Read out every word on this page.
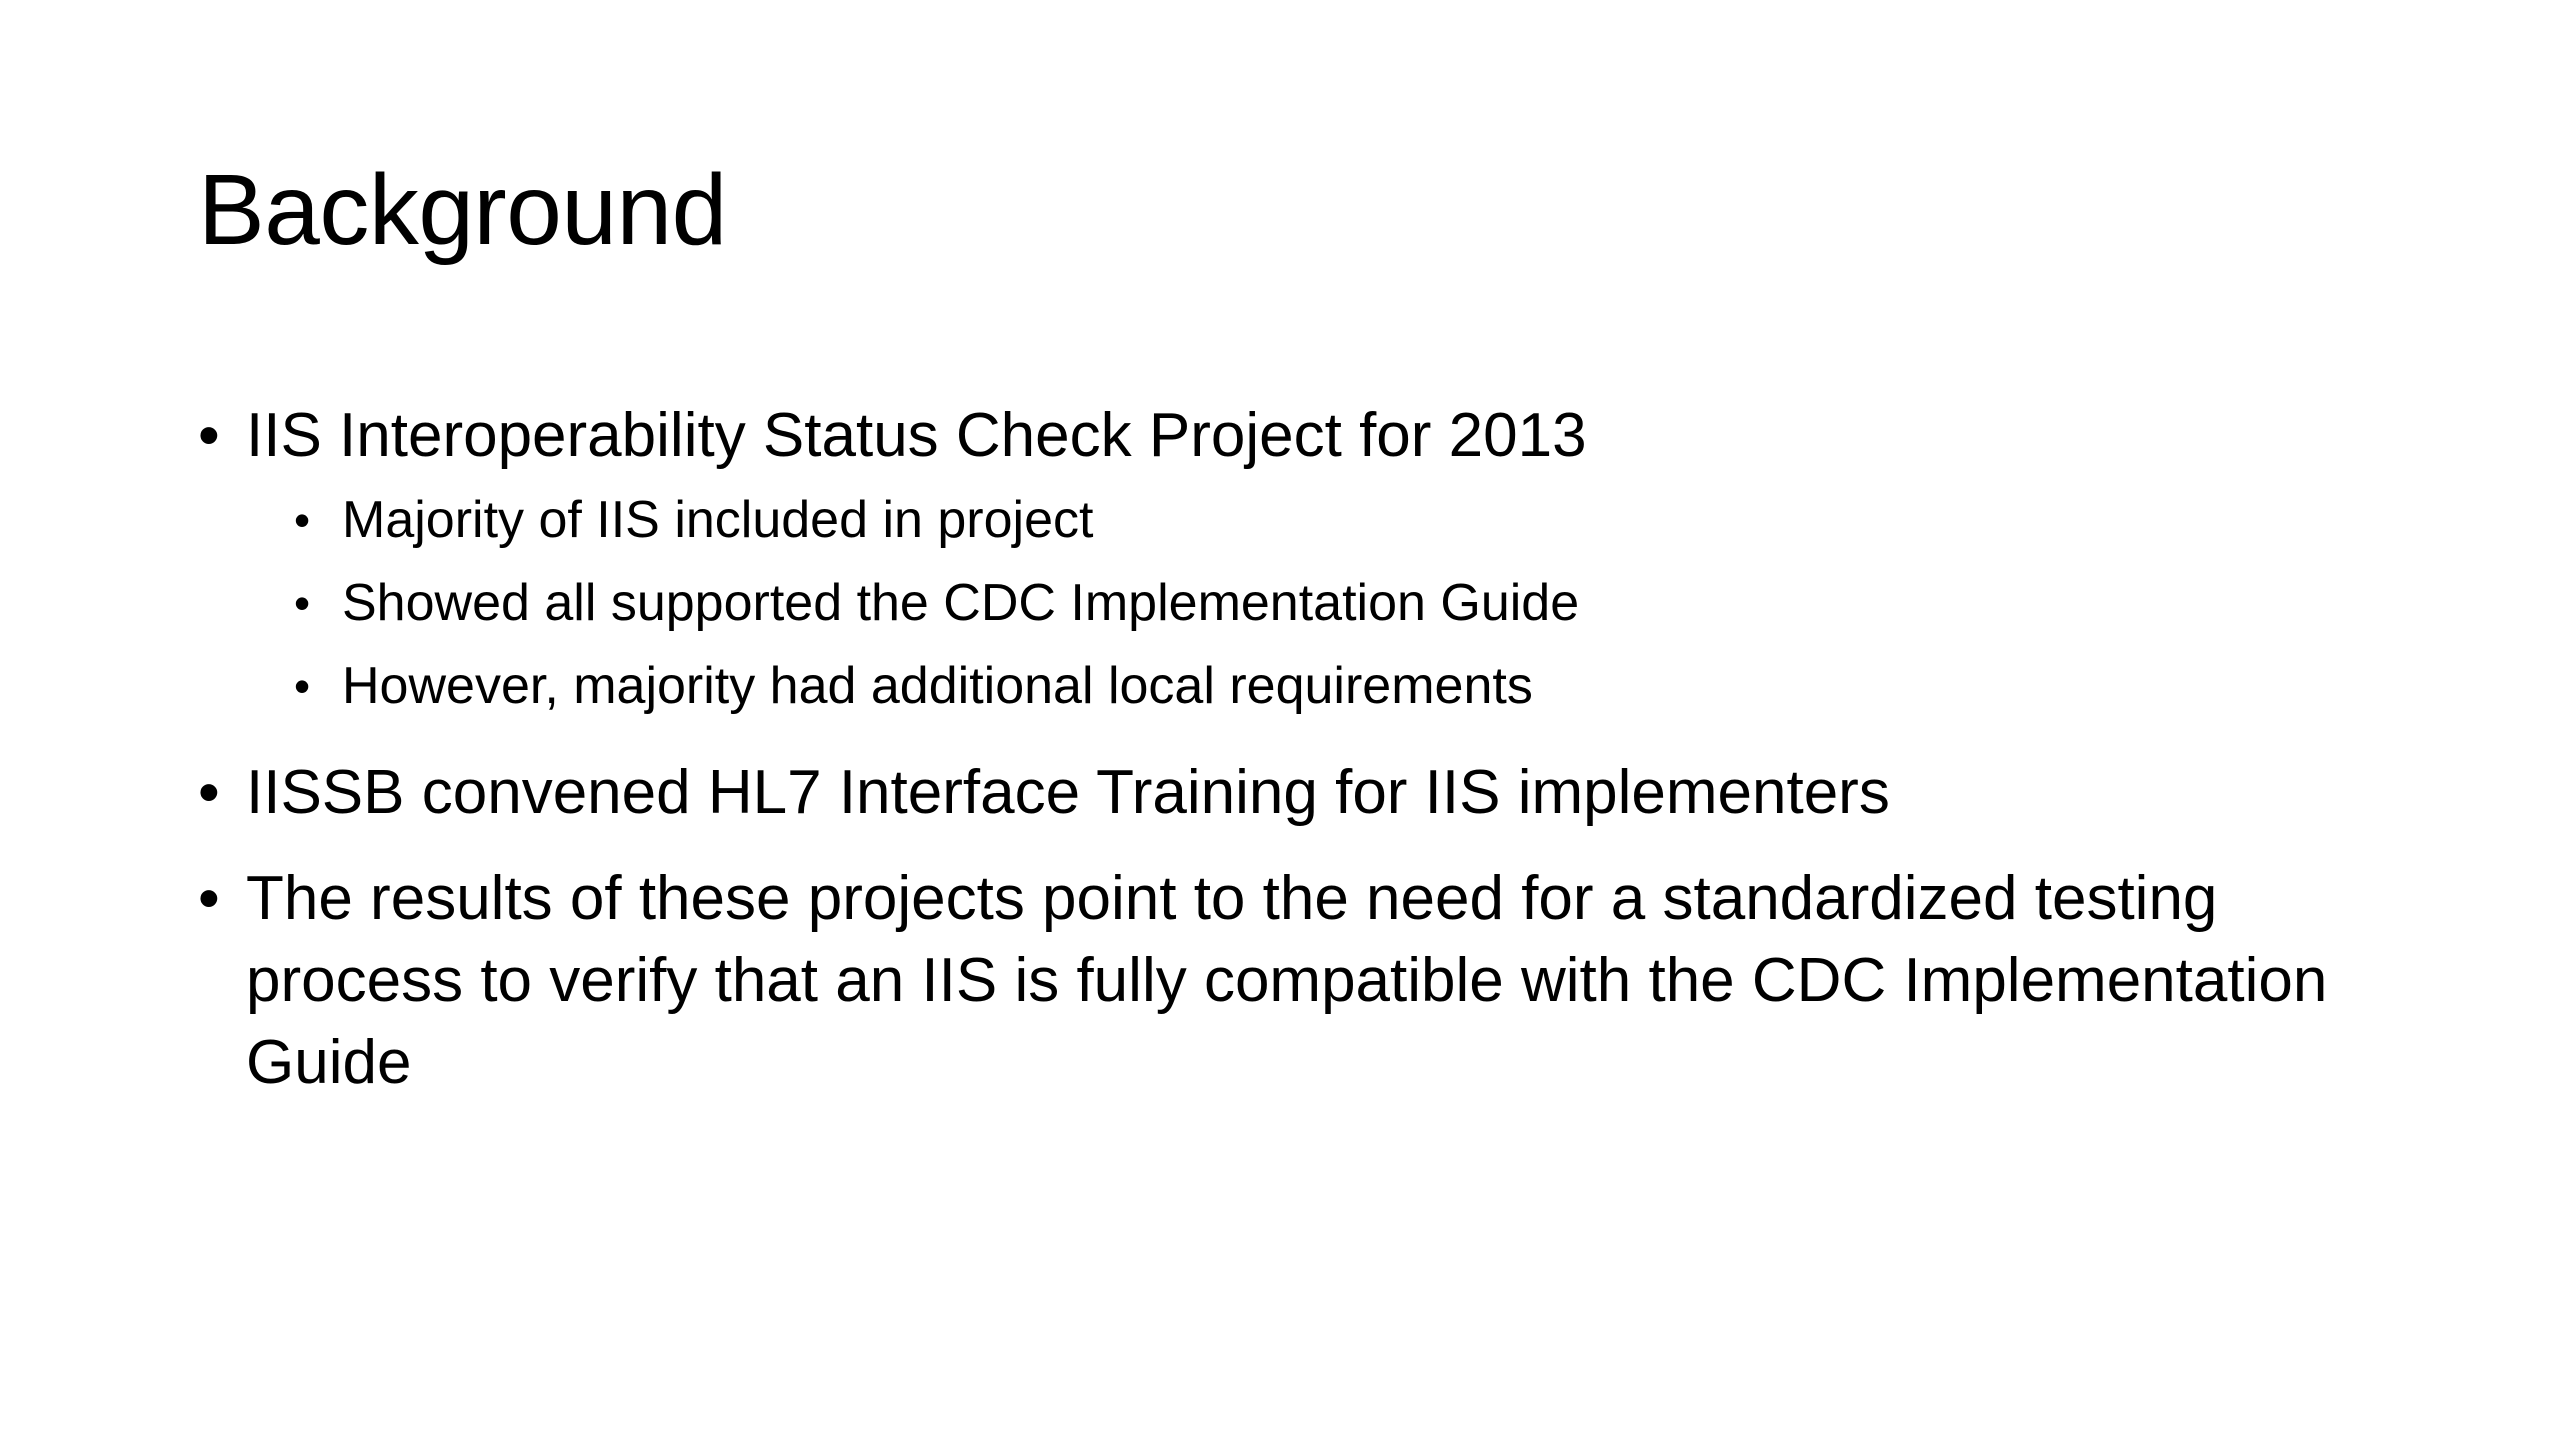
Background
• IIS Interoperability Status Check Project for 2013
• Majority of IIS included in project
• Showed all supported the CDC Implementation Guide
• However, majority had additional local requirements
• IISSB convened HL7 Interface Training for IIS implementers
• The results of these projects point to the need for a standardized testing process to verify that an IIS is fully compatible with the CDC Implementation Guide
